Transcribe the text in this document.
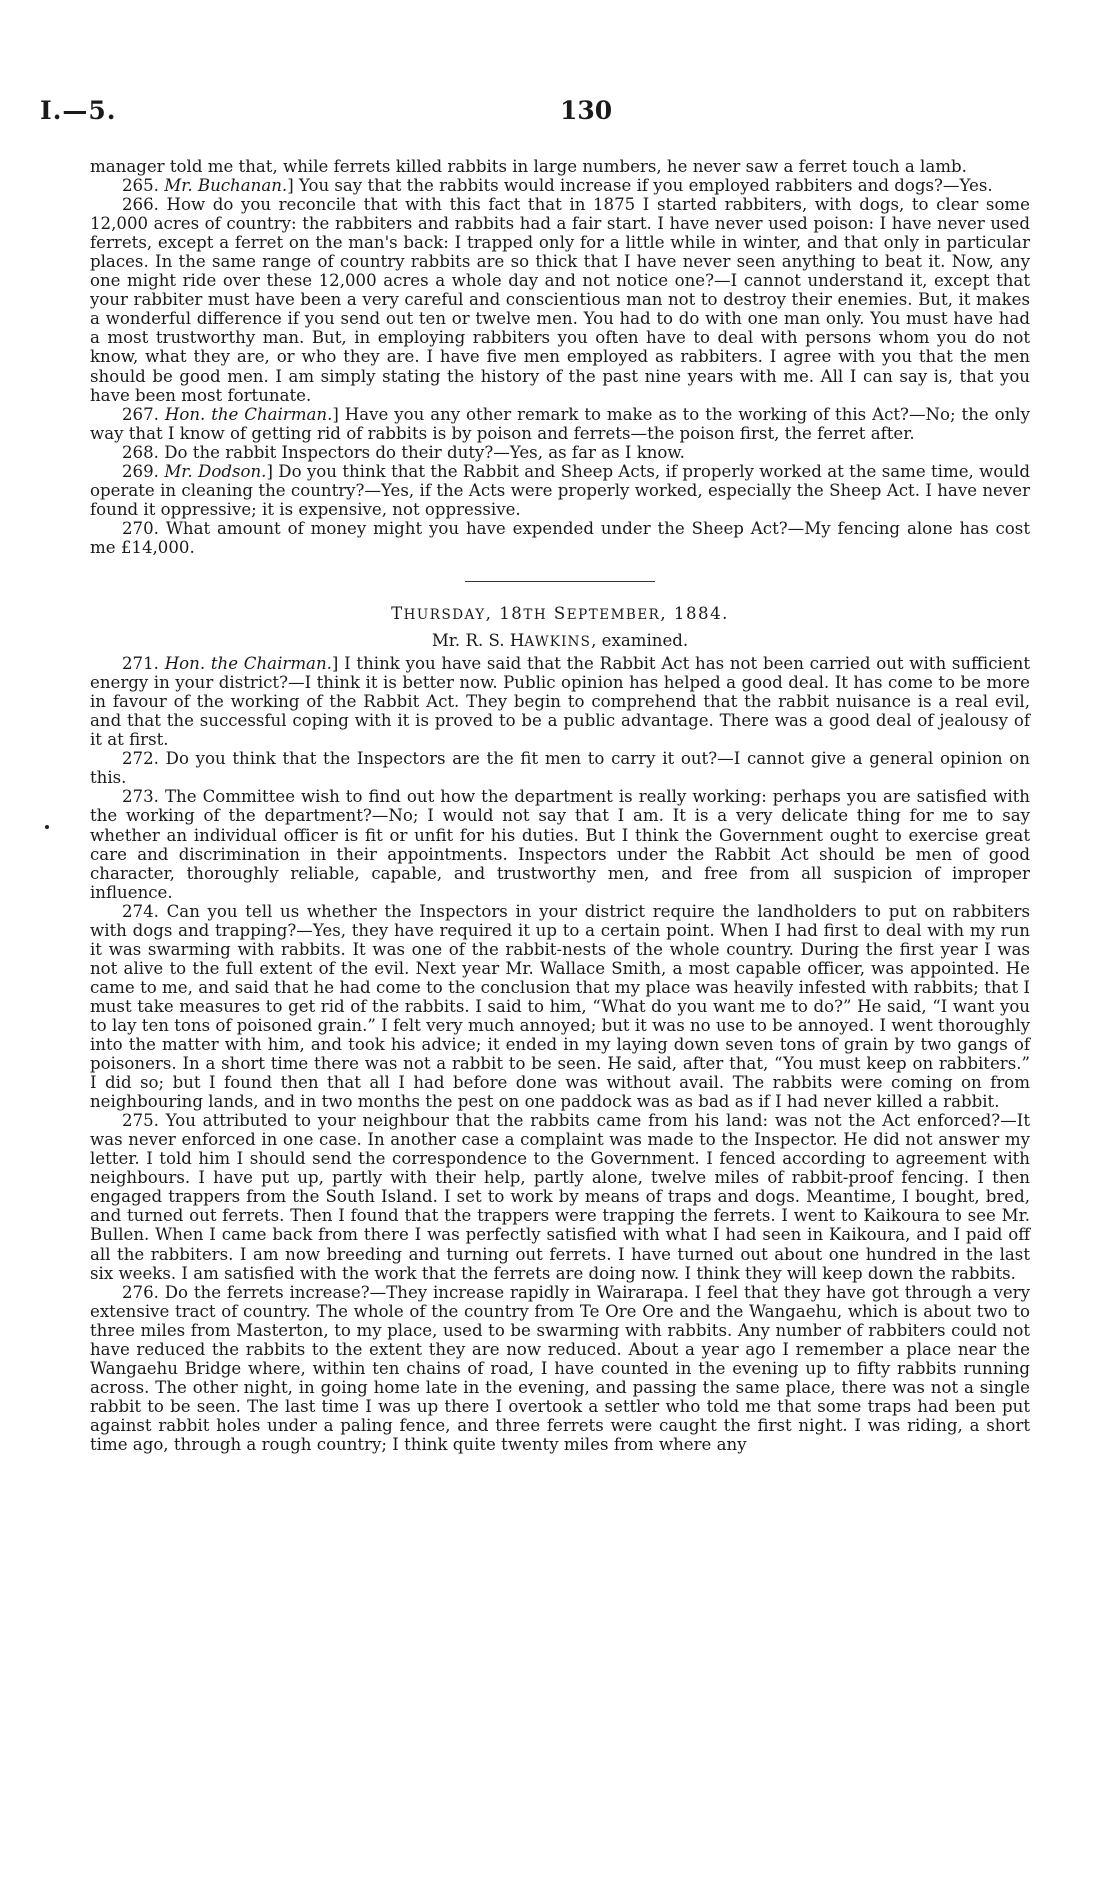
I.—5.	130

manager told me that, while ferrets killed rabbits in large numbers, he never saw a ferret touch a lamb.

265. Mr. Buchanan.] You say that the rabbits would increase if you employed rabbiters and dogs?—Yes.

266. How do you reconcile that with this fact that in 1875 I started rabbiters, with dogs, to clear some 12,000 acres of country: the rabbiters and rabbits had a fair start. I have never used poison: I have never used ferrets, except a ferret on the man's back: I trapped only for a little while in winter, and that only in particular places. In the same range of country rabbits are so thick that I have never seen anything to beat it. Now, any one might ride over these 12,000 acres a whole day and not notice one?—I cannot understand it, except that your rabbiter must have been a very careful and conscientious man not to destroy their enemies. But, it makes a wonderful difference if you send out ten or twelve men. You had to do with one man only. You must have had a most trustworthy man. But, in employing rabbiters you often have to deal with persons whom you do not know, what they are, or who they are. I have five men employed as rabbiters. I agree with you that the men should be good men. I am simply stating the history of the past nine years with me. All I can say is, that you have been most fortunate.

267. Hon. the Chairman.] Have you any other remark to make as to the working of this Act?—No; the only way that I know of getting rid of rabbits is by poison and ferrets—the poison first, the ferret after.

268. Do the rabbit Inspectors do their duty?—Yes, as far as I know.

269. Mr. Dodson.] Do you think that the Rabbit and Sheep Acts, if properly worked at the same time, would operate in cleaning the country?—Yes, if the Acts were properly worked, especially the Sheep Act. I have never found it oppressive; it is expensive, not oppressive.

270. What amount of money might you have expended under the Sheep Act?—My fencing alone has cost me £14,000.

THURSDAY, 18TH SEPTEMBER, 1884.

Mr. R. S. HAWKINS, examined.

271. Hon. the Chairman.] I think you have said that the Rabbit Act has not been carried out with sufficient energy in your district?—I think it is better now. Public opinion has helped a good deal. It has come to be more in favour of the working of the Rabbit Act. They begin to comprehend that the rabbit nuisance is a real evil, and that the successful coping with it is proved to be a public advantage. There was a good deal of jealousy of it at first.

272. Do you think that the Inspectors are the fit men to carry it out?—I cannot give a general opinion on this.

273. The Committee wish to find out how the department is really working: perhaps you are satisfied with the working of the department?—No; I would not say that I am. It is a very delicate thing for me to say whether an individual officer is fit or unfit for his duties. But I think the Government ought to exercise great care and discrimination in their appointments. Inspectors under the Rabbit Act should be men of good character, thoroughly reliable, capable, and trustworthy men, and free from all suspicion of improper influence.

274. Can you tell us whether the Inspectors in your district require the landholders to put on rabbiters with dogs and trapping?—Yes, they have required it up to a certain point. When I had first to deal with my run it was swarming with rabbits. It was one of the rabbit-nests of the whole country. During the first year I was not alive to the full extent of the evil. Next year Mr. Wallace Smith, a most capable officer, was appointed. He came to me, and said that he had come to the conclusion that my place was heavily infested with rabbits; that I must take measures to get rid of the rabbits. I said to him, “What do you want me to do?” He said, “I want you to lay ten tons of poisoned grain.” I felt very much annoyed; but it was no use to be annoyed. I went thoroughly into the matter with him, and took his advice; it ended in my laying down seven tons of grain by two gangs of poisoners. In a short time there was not a rabbit to be seen. He said, after that, “You must keep on rabbiters.” I did so; but I found then that all I had before done was without avail. The rabbits were coming on from neighbouring lands, and in two months the pest on one paddock was as bad as if I had never killed a rabbit.

275. You attributed to your neighbour that the rabbits came from his land: was not the Act enforced?—It was never enforced in one case. In another case a complaint was made to the Inspector. He did not answer my letter. I told him I should send the correspondence to the Government. I fenced according to agreement with neighbours. I have put up, partly with their help, partly alone, twelve miles of rabbit-proof fencing. I then engaged trappers from the South Island. I set to work by means of traps and dogs. Meantime, I bought, bred, and turned out ferrets. Then I found that the trappers were trapping the ferrets. I went to Kaikoura to see Mr. Bullen. When I came back from there I was perfectly satisfied with what I had seen in Kaikoura, and I paid off all the rabbiters. I am now breeding and turning out ferrets. I have turned out about one hundred in the last six weeks. I am satisfied with the work that the ferrets are doing now. I think they will keep down the rabbits.

276. Do the ferrets increase?—They increase rapidly in Wairarapa. I feel that they have got through a very extensive tract of country. The whole of the country from Te Ore Ore and the Wangaehu, which is about two to three miles from Masterton, to my place, used to be swarming with rabbits. Any number of rabbiters could not have reduced the rabbits to the extent they are now reduced. About a year ago I remember a place near the Wangaehu Bridge where, within ten chains of road, I have counted in the evening up to fifty rabbits running across. The other night, in going home late in the evening, and passing the same place, there was not a single rabbit to be seen. The last time I was up there I overtook a settler who told me that some traps had been put against rabbit holes under a paling fence, and three ferrets were caught the first night. I was riding, a short time ago, through a rough country; I think quite twenty miles from where any
